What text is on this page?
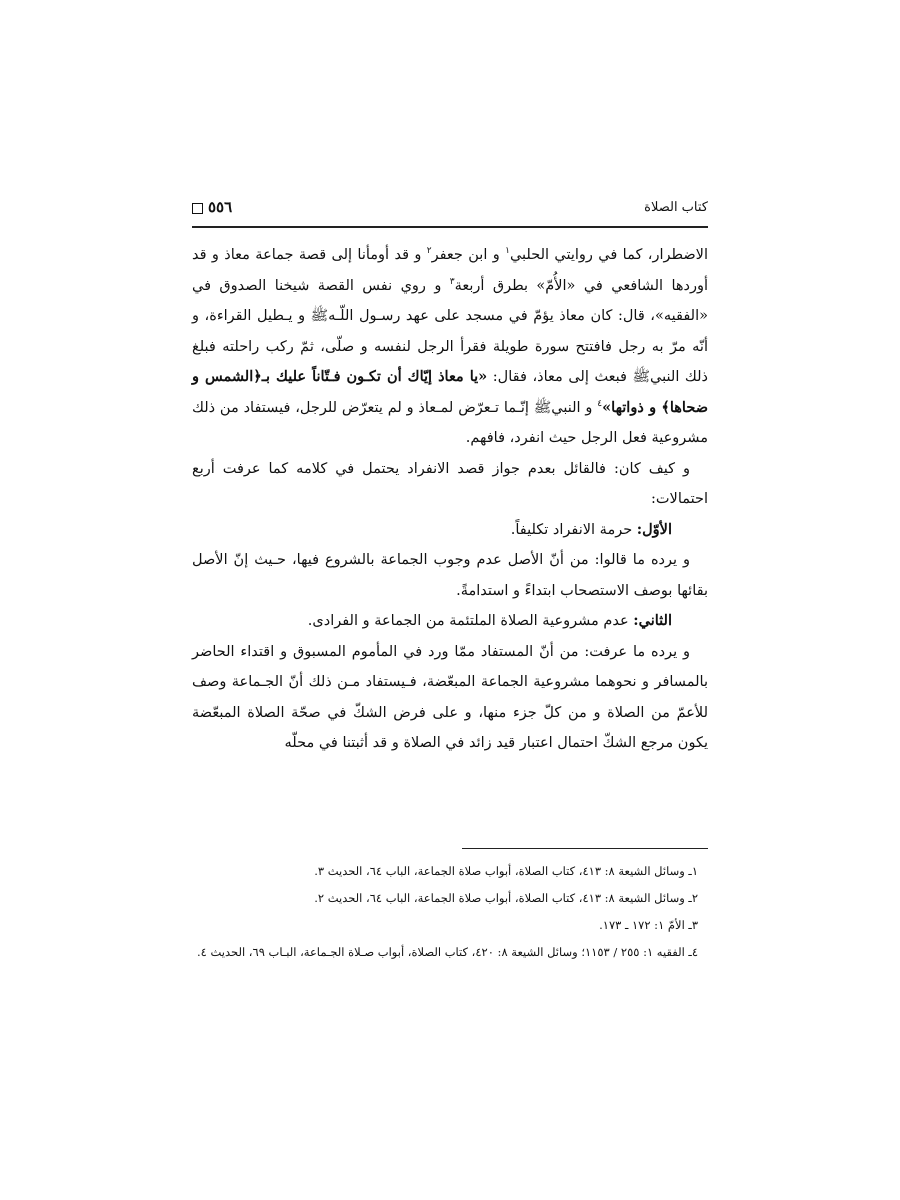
كتاب الصلاة
٥٥٦

الاضطرار، كما في روايتي الحلبي$^١$ و ابن جعفر$^٢$ و قد أومأنا إلى قصة جماعة معاذ و قد أوردها الشافعي في «الأُمّ» بطرق أربعة$^٣$ و روي نفس القصة شيخنا الصدوق في «الفقيه»، قال: كان معاذ يؤمّ في مسجد على عهد رسـول اللّـهﷺ و يـطيل القراءة، و أنّه مرّ به رجل فافتتح سورة طويلة فقرأ الرجل لنفسه و صلّى، ثمّ ركب راحلته فبلغ ذلك النبيﷺ فبعث إلى معاذ، فقال: «يا معاذ إيّاك أن تكـون فـتّاناً عليك بـ﴿الشمس و ضحاها﴾ و ذواتها»$^٤$ و النبيﷺ إنّـما تـعرّض لمـعاذ و لم يتعرّض للرجل، فيستفاد من ذلك مشروعية فعل الرجل حيث انفرد، فافهم.

و كيف كان: فالقائل بعدم جواز قصد الانفراد يحتمل في كلامه كما عرفت أربع احتمالات:

الأوّل: حرمة الانفراد تكليفاً.

و يرده ما قالوا: من أنّ الأصل عدم وجوب الجماعة بالشروع فيها، حـيث إنّ الأصل بقائها بوصف الاستصحاب ابتداءً و استدامةً.

الثاني: عدم مشروعية الصلاة الملتئمة من الجماعة و الفرادى.

و يرده ما عرفت: من أنّ المستفاد ممّا ورد في المأموم المسبوق و اقتداء الحاضر بالمسافر و نحوهما مشروعية الجماعة المبعّضة، فـيستفاد مـن ذلك أنّ الجـماعة وصف للأعمّ من الصلاة و من كلّ جزء منها، و على فرض الشكّ في صحّة الصلاة المبعّضة يكون مرجع الشكّ احتمال اعتبار قيد زائد في الصلاة و قد أثبتنا في محلّه

١ـ وسائل الشيعة ٨: ٤١٣، كتاب الصلاة، أبواب صلاة الجماعة، الباب ٦٤، الحديث ٣.

٢ـ وسائل الشيعة ٨: ٤١٣، كتاب الصلاة، أبواب صلاة الجماعة، الباب ٦٤، الحديث ٢.

٣ـ الأمّ ١: ١٧٢ ـ ١٧٣.

٤ـ الفقيه ١: ٢٥٥ / ١١٥٣؛ وسائل الشيعة ٨: ٤٢٠، كتاب الصلاة، أبواب صـلاة الجـماعة، البـاب ٦٩، الحديث ٤.
